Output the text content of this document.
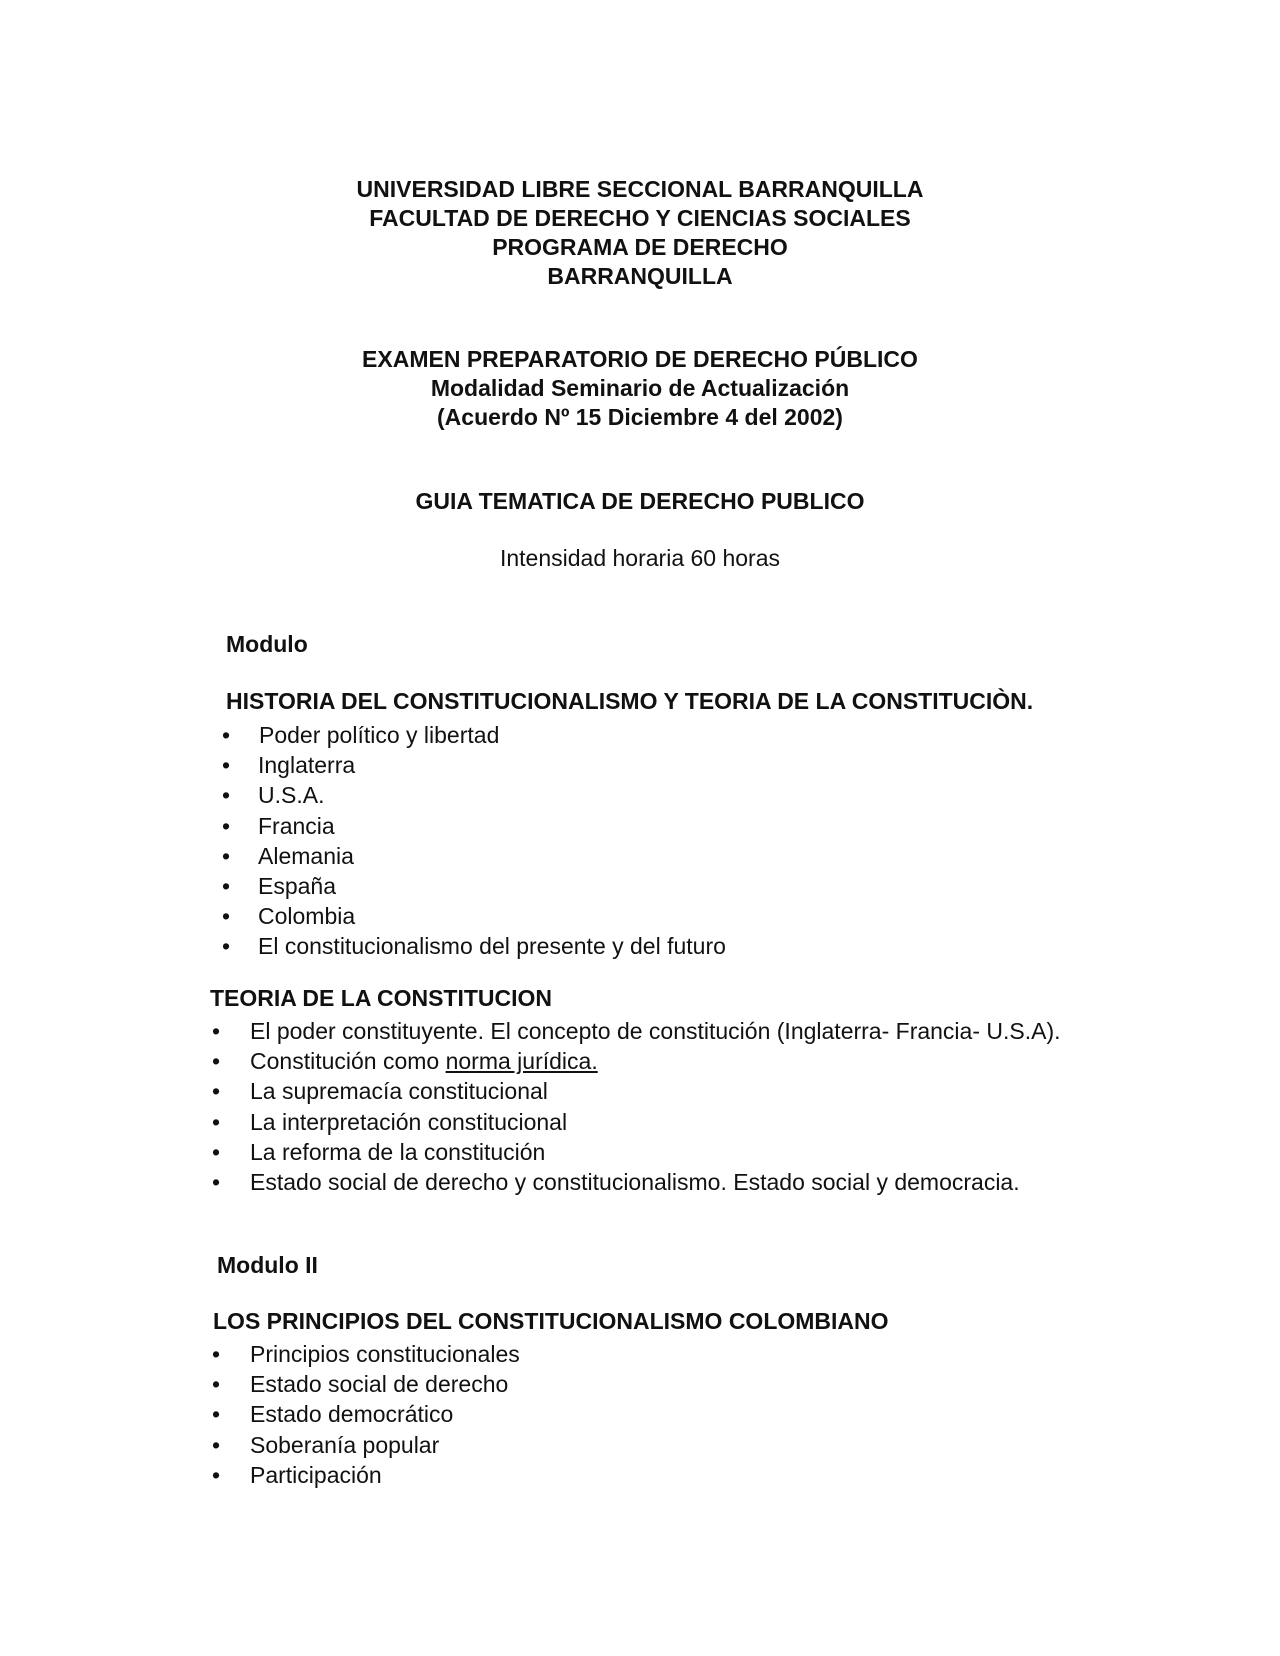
UNIVERSIDAD LIBRE SECCIONAL BARRANQUILLA

FACULTAD DE DERECHO Y CIENCIAS SOCIALES

PROGRAMA DE DERECHO

BARRANQUILLA

EXAMEN PREPARATORIO DE DERECHO PÚBLICO

Modalidad Seminario de Actualización

(Acuerdo Nº 15 Diciembre 4 del 2002)

GUIA TEMATICA DE DERECHO PUBLICO

Intensidad horaria 60 horas

Modulo

HISTORIA DEL CONSTITUCIONALISMO Y TEORIA DE LA CONSTITUCIÒN.

•	Poder político y libertad
•	Inglaterra
•	U.S.A.
•	Francia
•	Alemania
•	España
•	Colombia
•	El constitucionalismo del presente y del futuro

TEORIA DE LA CONSTITUCION

•	El poder constituyente. El concepto de constitución (Inglaterra- Francia- U.S.A).
•	Constitución como norma jurídica.
•	La supremacía constitucional
•	La interpretación constitucional
•	La reforma de la constitución
•	Estado social de derecho y constitucionalismo. Estado social y democracia.

Modulo II

LOS PRINCIPIOS DEL CONSTITUCIONALISMO COLOMBIANO

•	Principios constitucionales
•	Estado social de derecho
•	Estado democrático
•	Soberanía popular
•	Participación
